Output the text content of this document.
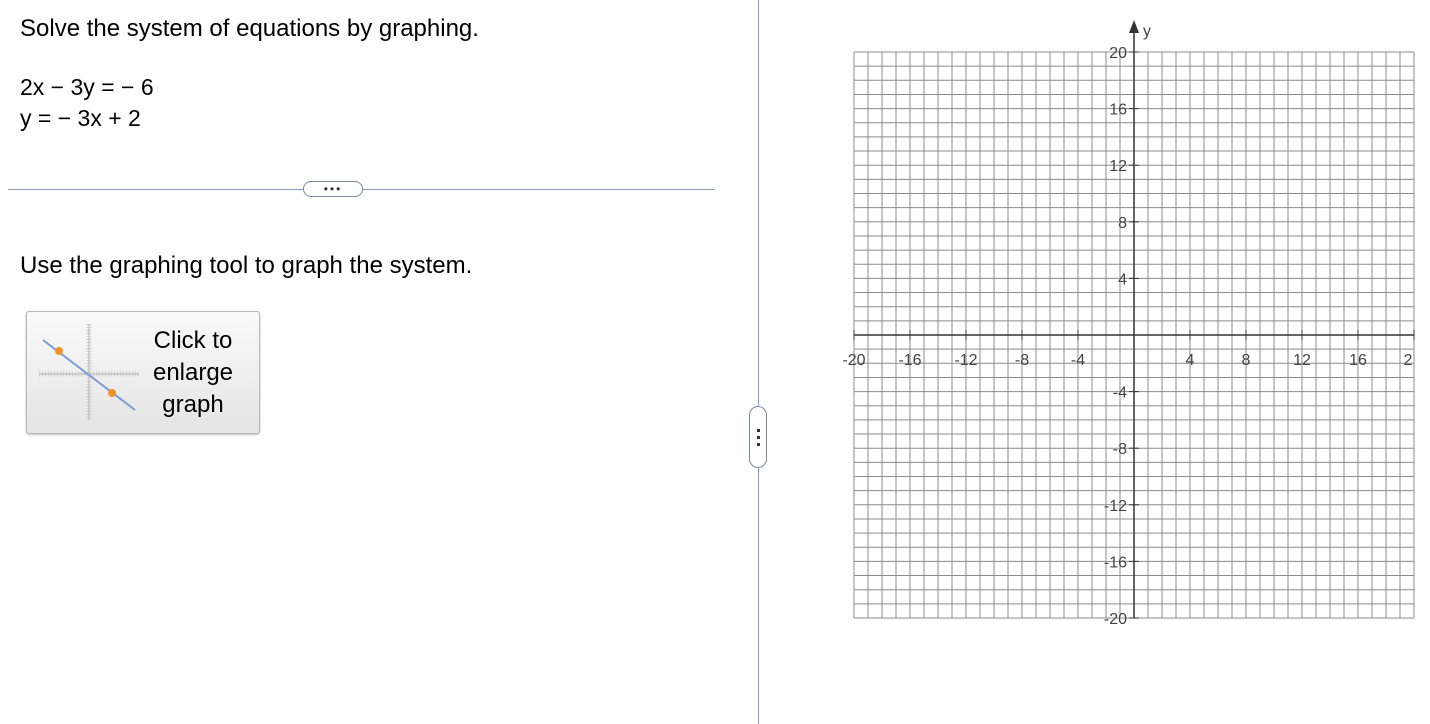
Solve the system of equations by graphing.
2x − 3y = − 6
y = − 3x + 2
•••
Use the graphing tool to graph the system.
Click to enlarge graph
y
-20 -16 -12 -8	-4	4	8	12 16 2
20
16
12
8
4
-4
-8
-12
-16
-20
